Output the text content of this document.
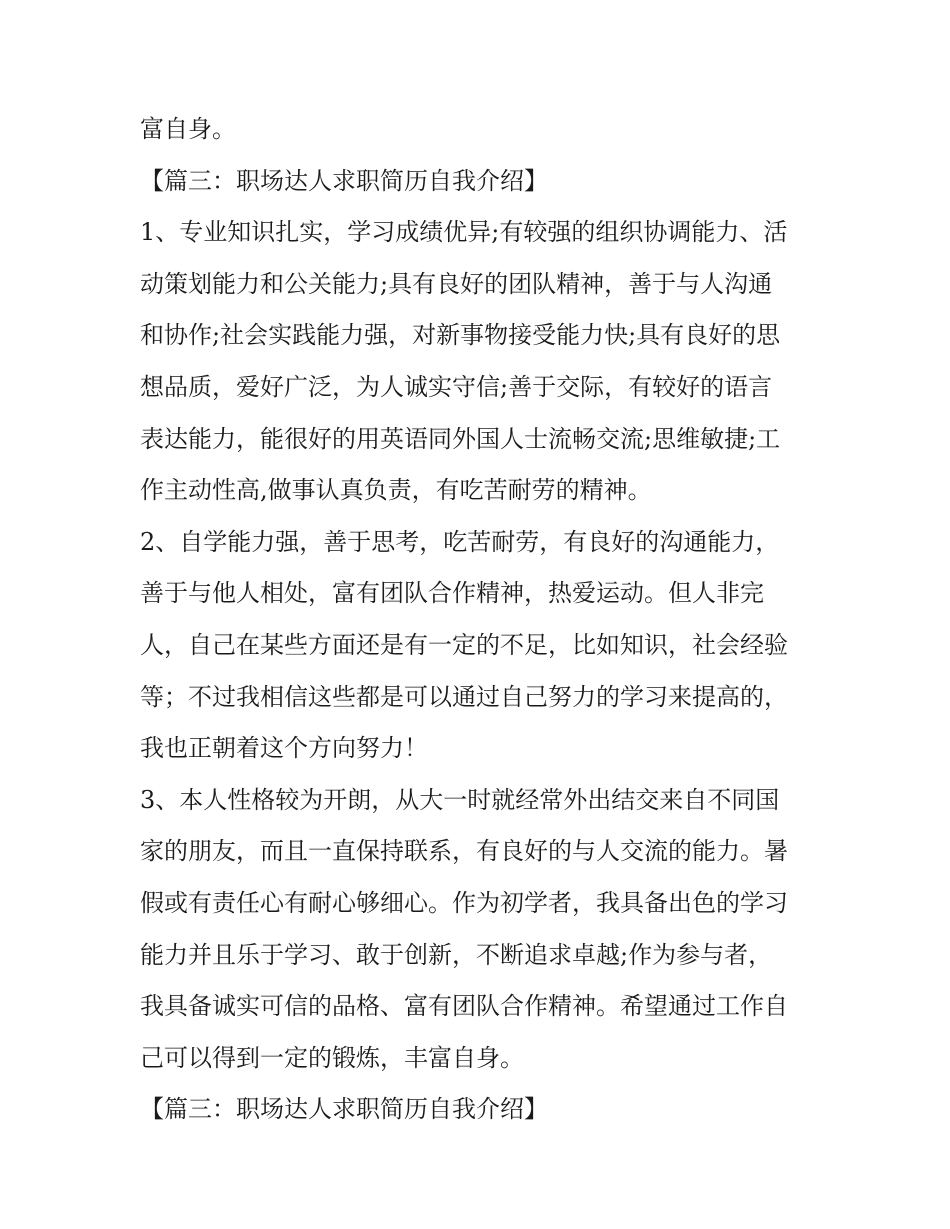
富自身。
【篇三：职场达人求职简历自我介绍】
1、专业知识扎实，学习成绩优异;有较强的组织协调能力、活
动策划能力和公关能力;具有良好的团队精神，善于与人沟通
和协作;社会实践能力强，对新事物接受能力快;具有良好的思
想品质，爱好广泛，为人诚实守信;善于交际，有较好的语言
表达能力，能很好的用英语同外国人士流畅交流;思维敏捷;工
作主动性高,做事认真负责，有吃苦耐劳的精神。
2、自学能力强，善于思考，吃苦耐劳，有良好的沟通能力，
善于与他人相处，富有团队合作精神，热爱运动。但人非完
人，自己在某些方面还是有一定的不足，比如知识，社会经验
等；不过我相信这些都是可以通过自己努力的学习来提高的，
我也正朝着这个方向努力！
3、本人性格较为开朗，从大一时就经常外出结交来自不同国
家的朋友，而且一直保持联系，有良好的与人交流的能力。暑
假或有责任心有耐心够细心。作为初学者，我具备出色的学习
能力并且乐于学习、敢于创新，不断追求卓越;作为参与者，
我具备诚实可信的品格、富有团队合作精神。希望通过工作自
己可以得到一定的锻炼，丰富自身。
【篇三：职场达人求职简历自我介绍】
